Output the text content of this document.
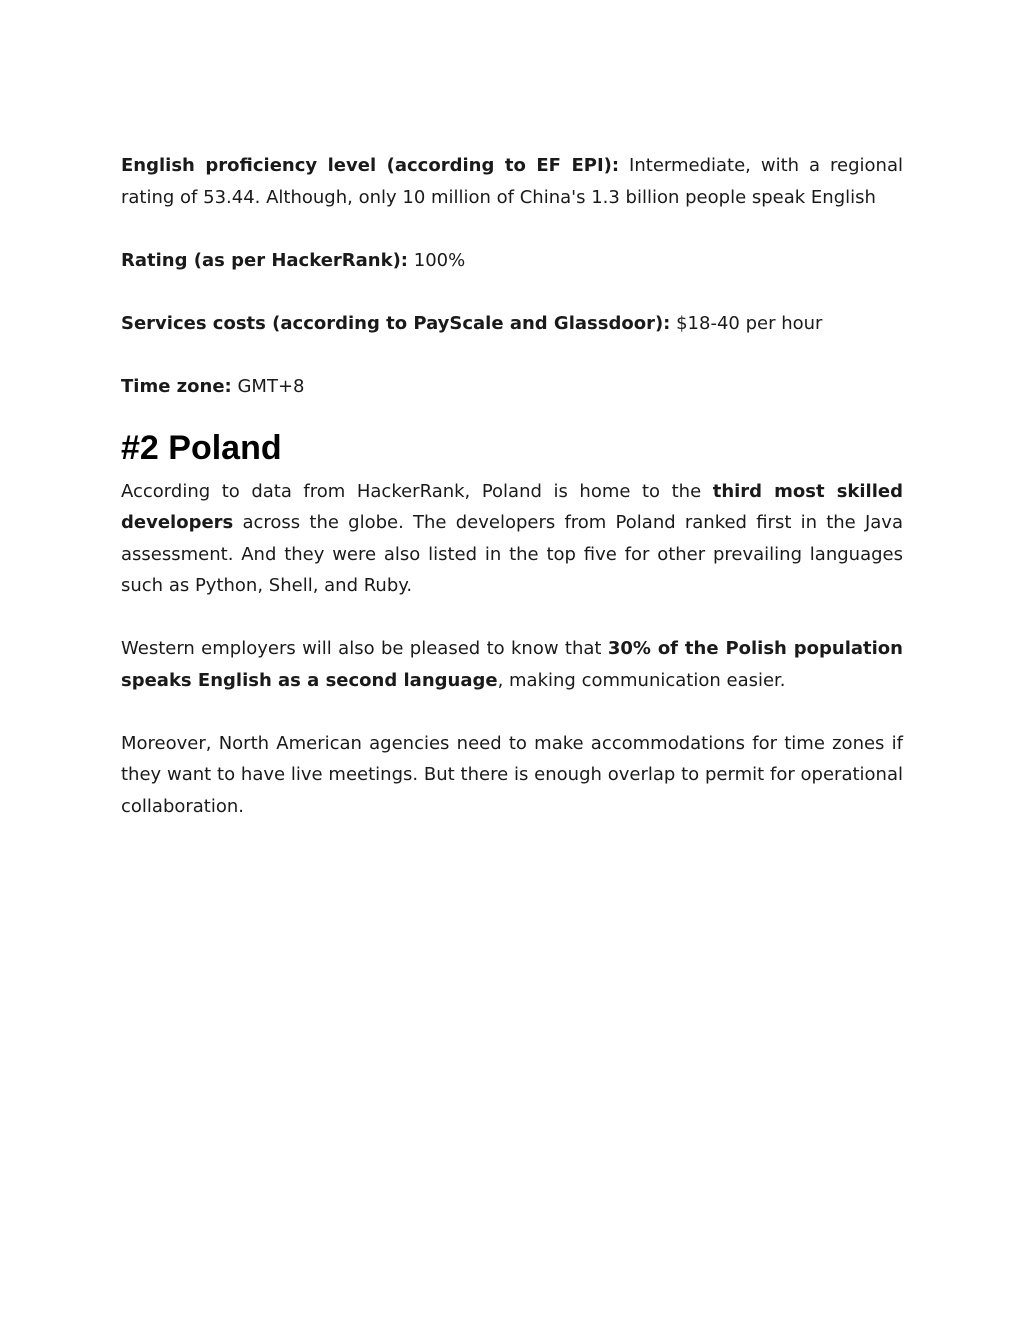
English proficiency level (according to EF EPI): Intermediate, with a regional rating of 53.44. Although, only 10 million of China's 1.3 billion people speak English

Rating (as per HackerRank): 100%

Services costs (according to PayScale and Glassdoor): $18-40 per hour

Time zone: GMT+8

#2 Poland

According to data from HackerRank, Poland is home to the third most skilled developers across the globe. The developers from Poland ranked first in the Java assessment. And they were also listed in the top five for other prevailing languages such as Python, Shell, and Ruby.

Western employers will also be pleased to know that 30% of the Polish population speaks English as a second language, making communication easier.

Moreover, North American agencies need to make accommodations for time zones if they want to have live meetings. But there is enough overlap to permit for operational collaboration.
